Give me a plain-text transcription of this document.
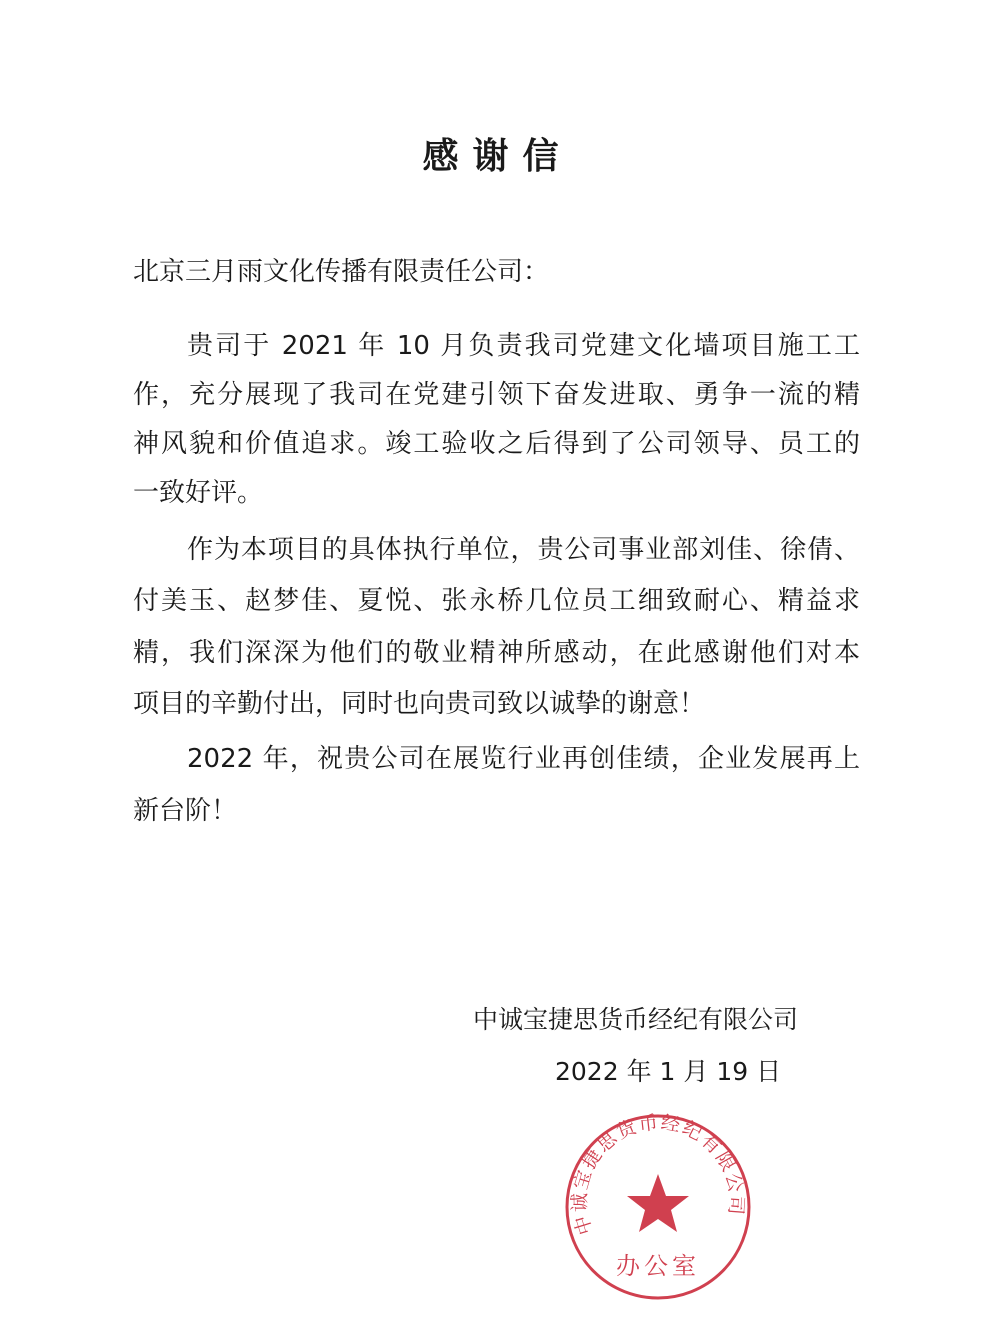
感谢信
北京三月雨文化传播有限责任公司：
贵司于 2021 年 10 月负责我司党建文化墙项目施工工
作，充分展现了我司在党建引领下奋发进取、勇争一流的精
神风貌和价值追求。竣工验收之后得到了公司领导、员工的
一致好评。
作为本项目的具体执行单位，贵公司事业部刘佳、徐倩、
付美玉、赵梦佳、夏悦、张永桥几位员工细致耐心、精益求
精，我们深深为他们的敬业精神所感动，在此感谢他们对本
项目的辛勤付出，同时也向贵司致以诚挚的谢意！
2022 年，祝贵公司在展览行业再创佳绩，企业发展再上
新台阶！
中诚宝捷思货币经纪有限公司
2022 年 1 月 19 日
中诚宝捷思货币经纪有限公司
办公室
